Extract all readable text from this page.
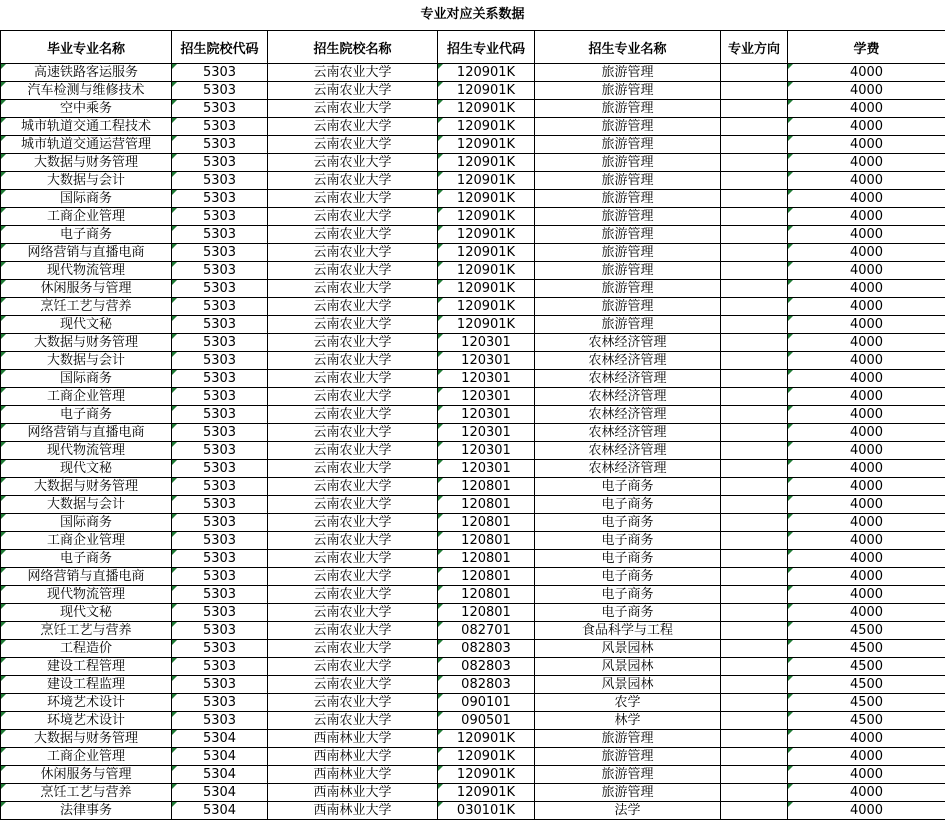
专业对应关系数据
毕业专业名称	招生院校代码	招生院校名称	招生专业代码	招生专业名称	专业方向	学费
高速铁路客运服务	5303	云南农业大学	120901K	旅游管理		4000
汽车检测与维修技术	5303	云南农业大学	120901K	旅游管理		4000
空中乘务	5303	云南农业大学	120901K	旅游管理		4000
城市轨道交通工程技术	5303	云南农业大学	120901K	旅游管理		4000
城市轨道交通运营管理	5303	云南农业大学	120901K	旅游管理		4000
大数据与财务管理	5303	云南农业大学	120901K	旅游管理		4000
大数据与会计	5303	云南农业大学	120901K	旅游管理		4000
国际商务	5303	云南农业大学	120901K	旅游管理		4000
工商企业管理	5303	云南农业大学	120901K	旅游管理		4000
电子商务	5303	云南农业大学	120901K	旅游管理		4000
网络营销与直播电商	5303	云南农业大学	120901K	旅游管理		4000
现代物流管理	5303	云南农业大学	120901K	旅游管理		4000
休闲服务与管理	5303	云南农业大学	120901K	旅游管理		4000
烹饪工艺与营养	5303	云南农业大学	120901K	旅游管理		4000
现代文秘	5303	云南农业大学	120901K	旅游管理		4000
大数据与财务管理	5303	云南农业大学	120301	农林经济管理		4000
大数据与会计	5303	云南农业大学	120301	农林经济管理		4000
国际商务	5303	云南农业大学	120301	农林经济管理		4000
工商企业管理	5303	云南农业大学	120301	农林经济管理		4000
电子商务	5303	云南农业大学	120301	农林经济管理		4000
网络营销与直播电商	5303	云南农业大学	120301	农林经济管理		4000
现代物流管理	5303	云南农业大学	120301	农林经济管理		4000
现代文秘	5303	云南农业大学	120301	农林经济管理		4000
大数据与财务管理	5303	云南农业大学	120801	电子商务		4000
大数据与会计	5303	云南农业大学	120801	电子商务		4000
国际商务	5303	云南农业大学	120801	电子商务		4000
工商企业管理	5303	云南农业大学	120801	电子商务		4000
电子商务	5303	云南农业大学	120801	电子商务		4000
网络营销与直播电商	5303	云南农业大学	120801	电子商务		4000
现代物流管理	5303	云南农业大学	120801	电子商务		4000
现代文秘	5303	云南农业大学	120801	电子商务		4000
烹饪工艺与营养	5303	云南农业大学	082701	食品科学与工程		4500
工程造价	5303	云南农业大学	082803	风景园林		4500
建设工程管理	5303	云南农业大学	082803	风景园林		4500
建设工程监理	5303	云南农业大学	082803	风景园林		4500
环境艺术设计	5303	云南农业大学	090101	农学		4500
环境艺术设计	5303	云南农业大学	090501	林学		4500
大数据与财务管理	5304	西南林业大学	120901K	旅游管理		4000
工商企业管理	5304	西南林业大学	120901K	旅游管理		4000
休闲服务与管理	5304	西南林业大学	120901K	旅游管理		4000
烹饪工艺与营养	5304	西南林业大学	120901K	旅游管理		4000
法律事务	5304	西南林业大学	030101K	法学		4000
